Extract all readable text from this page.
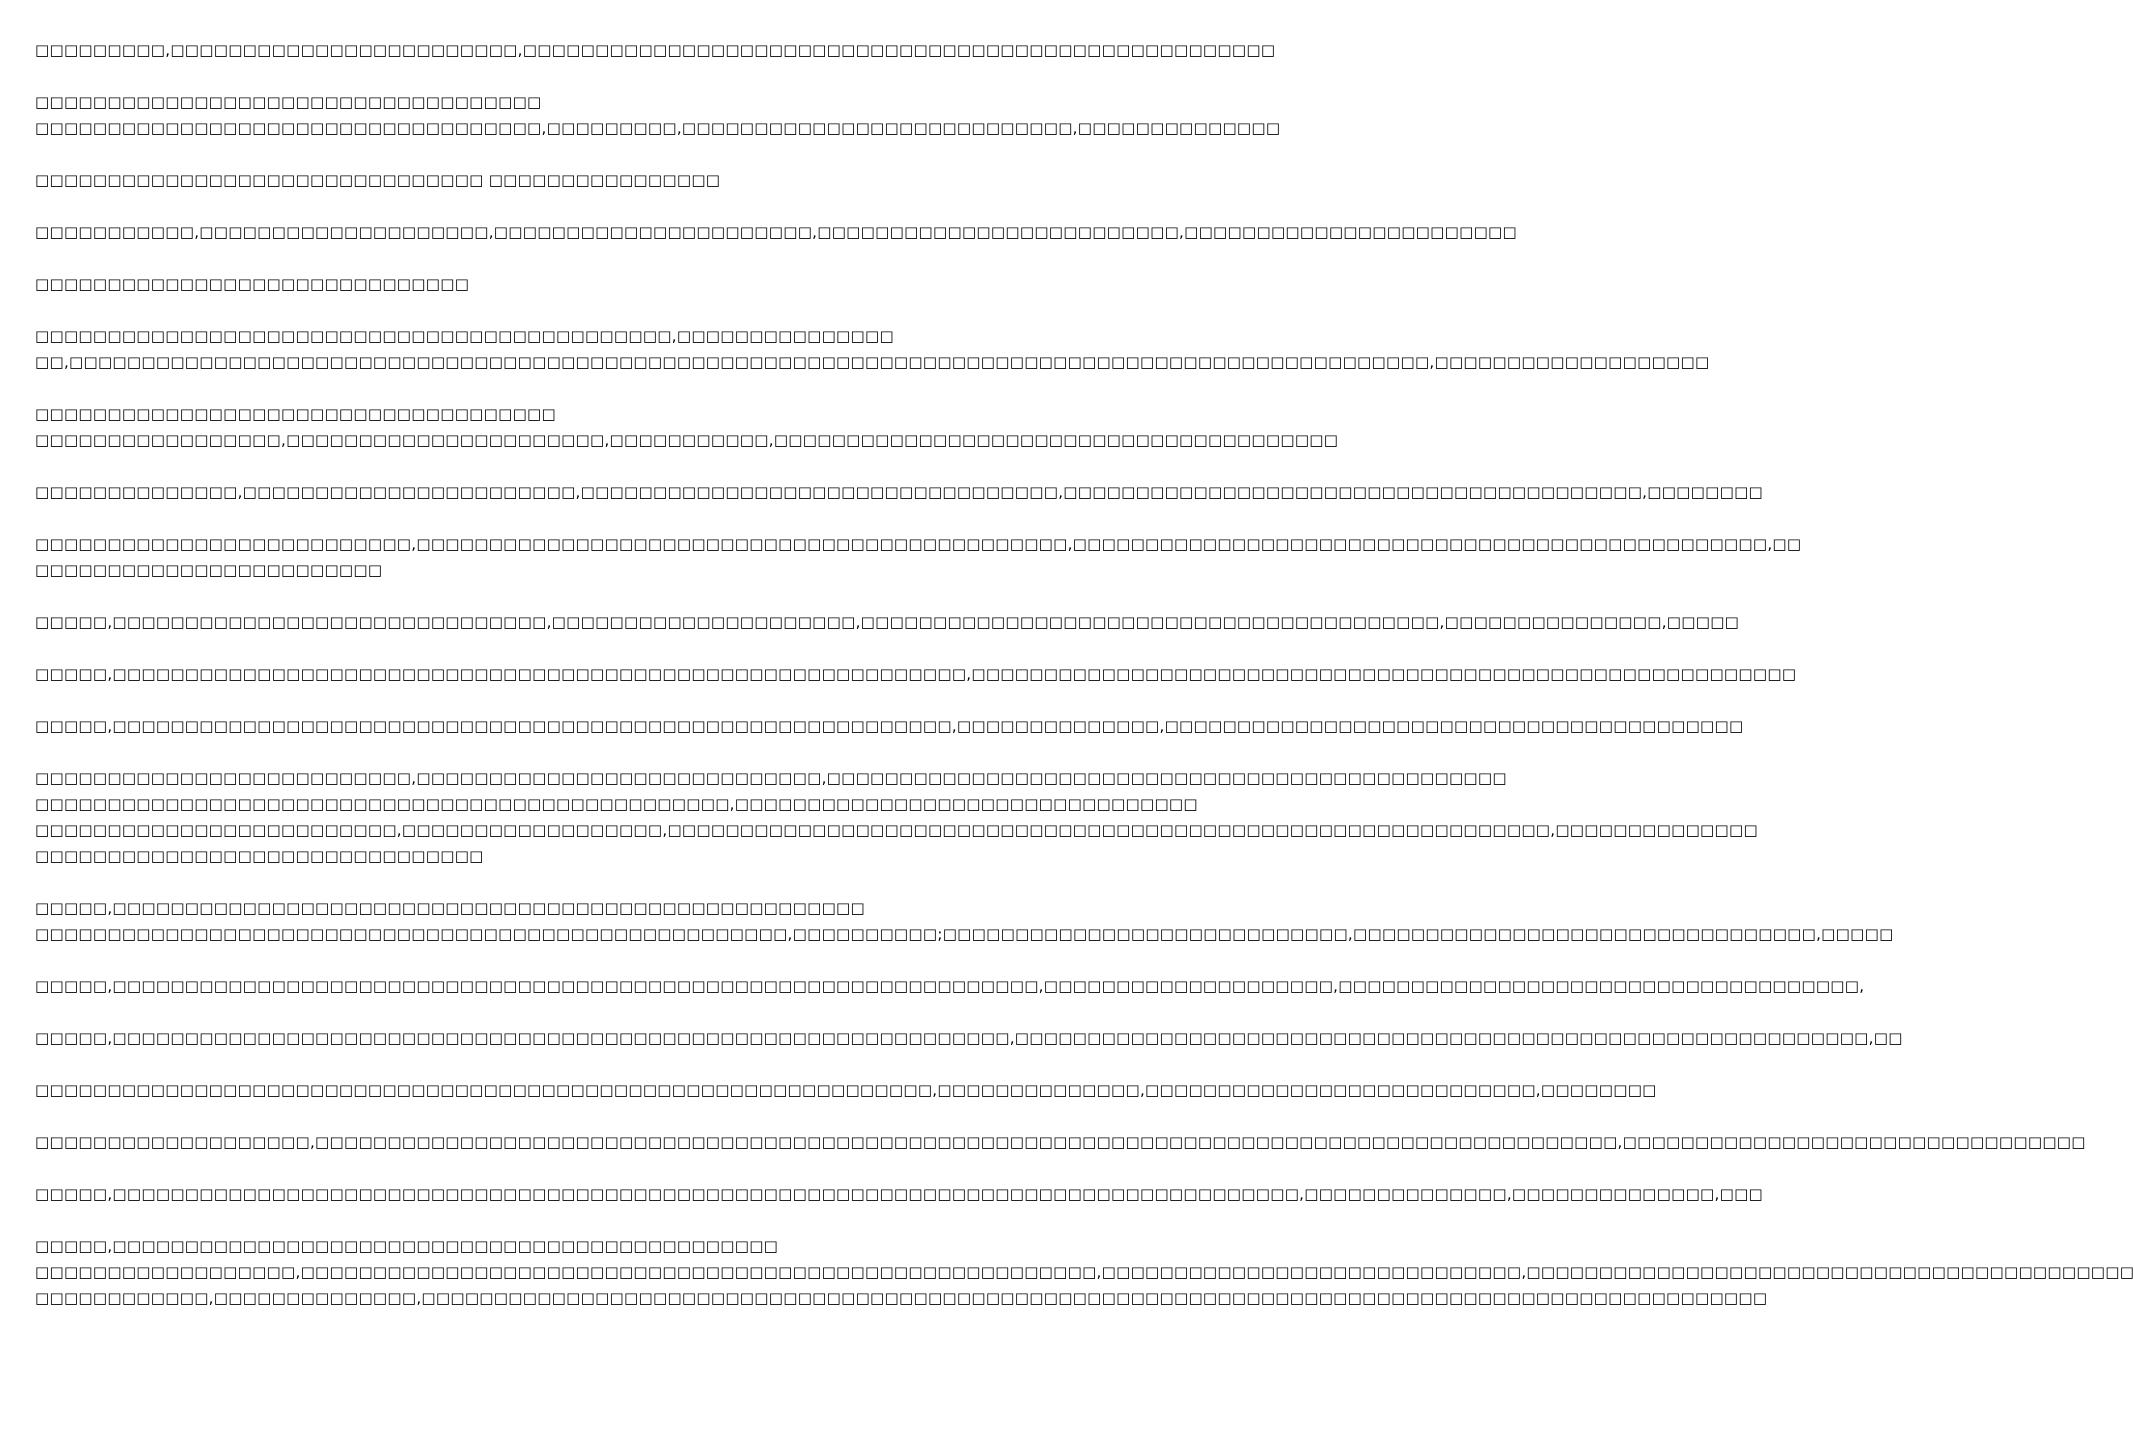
□□□□□□□□□,□□□□□□□□□□□□□□□□□□□□□□□□,□□□□□□□□□□□□□□□□□□□□□□□□□□□□□□□□□□□□□□□□□□□□□□□□□□□□
□□□□□□□□□□□□□□□□□□□□□□□□□□□□□□□□□□□
□□□□□□□□□□□□□□□□□□□□□□□□□□□□□□□□□□□,□□□□□□□□□,□□□□□□□□□□□□□□□□□□□□□□□□□□□,□□□□□□□□□□□□□□
□□□□□□□□□□□□□□□□□□□□□□□□□□□□□□□ □□□□□□□□□□□□□□□□
□□□□□□□□□□□,□□□□□□□□□□□□□□□□□□□□,□□□□□□□□□□□□□□□□□□□□□□,□□□□□□□□□□□□□□□□□□□□□□□□□,□□□□□□□□□□□□□□□□□□□□□□□
□□□□□□□□□□□□□□□□□□□□□□□□□□□□□□
□□□□□□□□□□□□□□□□□□□□□□□□□□□□□□□□□□□□□□□□□□□□,□□□□□□□□□□□□□□□
□□,□□□□□□□□□□□□□□□□□□□□□□□□□□□□□□□□□□□□□□□□□□□□□□□□□□□□□□□□□□□□□□□□□□□□□□□□□□□□□□□□□□□□□□□□□□□□□□,□□□□□□□□□□□□□□□□□□□
□□□□□□□□□□□□□□□□□□□□□□□□□□□□□□□□□□□□
□□□□□□□□□□□□□□□□□,□□□□□□□□□□□□□□□□□□□□□□,□□□□□□□□□□□,□□□□□□□□□□□□□□□□□□□□□□□□□□□□□□□□□□□□□□□
□□□□□□□□□□□□□□,□□□□□□□□□□□□□□□□□□□□□□□,□□□□□□□□□□□□□□□□□□□□□□□□□□□□□□□□□,□□□□□□□□□□□□□□□□□□□□□□□□□□□□□□□□□□□□□□□□,□□□□□□□□
□□□□□□□□□□□□□□□□□□□□□□□□□□,□□□□□□□□□□□□□□□□□□□□□□□□□□□□□□□□□□□□□□□□□□□□□,□□□□□□□□□□□□□□□□□□□□□□□□□□□□□□□□□□□□□□□□□□□□□□□□,□□
□□□□□□□□□□□□□□□□□□□□□□□□
□□□□□,□□□□□□□□□□□□□□□□□□□□□□□□□□□□□□,□□□□□□□□□□□□□□□□□□□□□,□□□□□□□□□□□□□□□□□□□□□□□□□□□□□□□□□□□□□□□□,□□□□□□□□□□□□□□□,□□□□□
□□□□□,□□□□□□□□□□□□□□□□□□□□□□□□□□□□□□□□□□□□□□□□□□□□□□□□□□□□□□□□□□□,□□□□□□□□□□□□□□□□□□□□□□□□□□□□□□□□□□□□□□□□□□□□□□□□□□□□□□□□□
□□□□□,□□□□□□□□□□□□□□□□□□□□□□□□□□□□□□□□□□□□□□□□□□□□□□□□□□□□□□□□□□,□□□□□□□□□□□□□□,□□□□□□□□□□□□□□□□□□□□□□□□□□□□□□□□□□□□□□□□
□□□□□□□□□□□□□□□□□□□□□□□□□□,□□□□□□□□□□□□□□□□□□□□□□□□□□□□,□□□□□□□□□□□□□□□□□□□□□□□□□□□□□□□□□□□□□□□□□□□□□□□
□□□□□□□□□□□□□□□□□□□□□□□□□□□□□□□□□□□□□□□□□□□□□□□□,□□□□□□□□□□□□□□□□□□□□□□□□□□□□□□□□
□□□□□□□□□□□□□□□□□□□□□□□□□,□□□□□□□□□□□□□□□□□□,□□□□□□□□□□□□□□□□□□□□□□□□□□□□□□□□□□□□□□□□□□□□□□□□□□□□□□□□□□□□□,□□□□□□□□□□□□□□
□□□□□□□□□□□□□□□□□□□□□□□□□□□□□□□
□□□□□,□□□□□□□□□□□□□□□□□□□□□□□□□□□□□□□□□□□□□□□□□□□□□□□□□□□□
□□□□□□□□□□□□□□□□□□□□□□□□□□□□□□□□□□□□□□□□□□□□□□□□□□□□,□□□□□□□□□□;□□□□□□□□□□□□□□□□□□□□□□□□□□□□,□□□□□□□□□□□□□□□□□□□□□□□□□□□□□□□□,□□□□□
□□□□□,□□□□□□□□□□□□□□□□□□□□□□□□□□□□□□□□□□□□□□□□□□□□□□□□□□□□□□□□□□□□□□□□,□□□□□□□□□□□□□□□□□□□□,□□□□□□□□□□□□□□□□□□□□□□□□□□□□□□□□□□□□,
□□□□□,□□□□□□□□□□□□□□□□□□□□□□□□□□□□□□□□□□□□□□□□□□□□□□□□□□□□□□□□□□□□□□,□□□□□□□□□□□□□□□□□□□□□□□□□□□□□□□□□□□□□□□□□□□□□□□□□□□□□□□□□□□,□□
□□□□□□□□□□□□□□□□□□□□□□□□□□□□□□□□□□□□□□□□□□□□□□□□□□□□□□□□□□□□□□,□□□□□□□□□□□□□□,□□□□□□□□□□□□□□□□□□□□□□□□□□□,□□□□□□□□
□□□□□□□□□□□□□□□□□□□,□□□□□□□□□□□□□□□□□□□□□□□□□□□□□□□□□□□□□□□□□□□□□□□□□□□□□□□□□□□□□□□□□□□□□□□□□□□□□□□□□□□□□□□□□□,□□□□□□□□□□□□□□□□□□□□□□□□□□□□□□□□
□□□□□,□□□□□□□□□□□□□□□□□□□□□□□□□□□□□□□□□□□□□□□□□□□□□□□□□□□□□□□□□□□□□□□□□□□□□□□□□□□□□□□□□□,□□□□□□□□□□□□□□,□□□□□□□□□□□□□□,□□□
□□□□□,□□□□□□□□□□□□□□□□□□□□□□□□□□□□□□□□□□□□□□□□□□□□□□
□□□□□□□□□□□□□□□□□□,□□□□□□□□□□□□□□□□□□□□□□□□□□□□□□□□□□□□□□□□□□□□□□□□□□□□□□□,□□□□□□□□□□□□□□□□□□□□□□□□□□□□□,□□□□□□□□□□□□□□□□□□□□□□□□□□□□□□□□□□□□□□□□□□
□□□□□□□□□□□□,□□□□□□□□□□□□□□,□□□□□□□□□□□□□□□□□□□□□□□□□□□□□□□□□□□□□□□□□□□□□□□□□□□□□□□□□□□□□□□□□□□□□□□□□□□□□□□□□□□□□□□□□□□□□
